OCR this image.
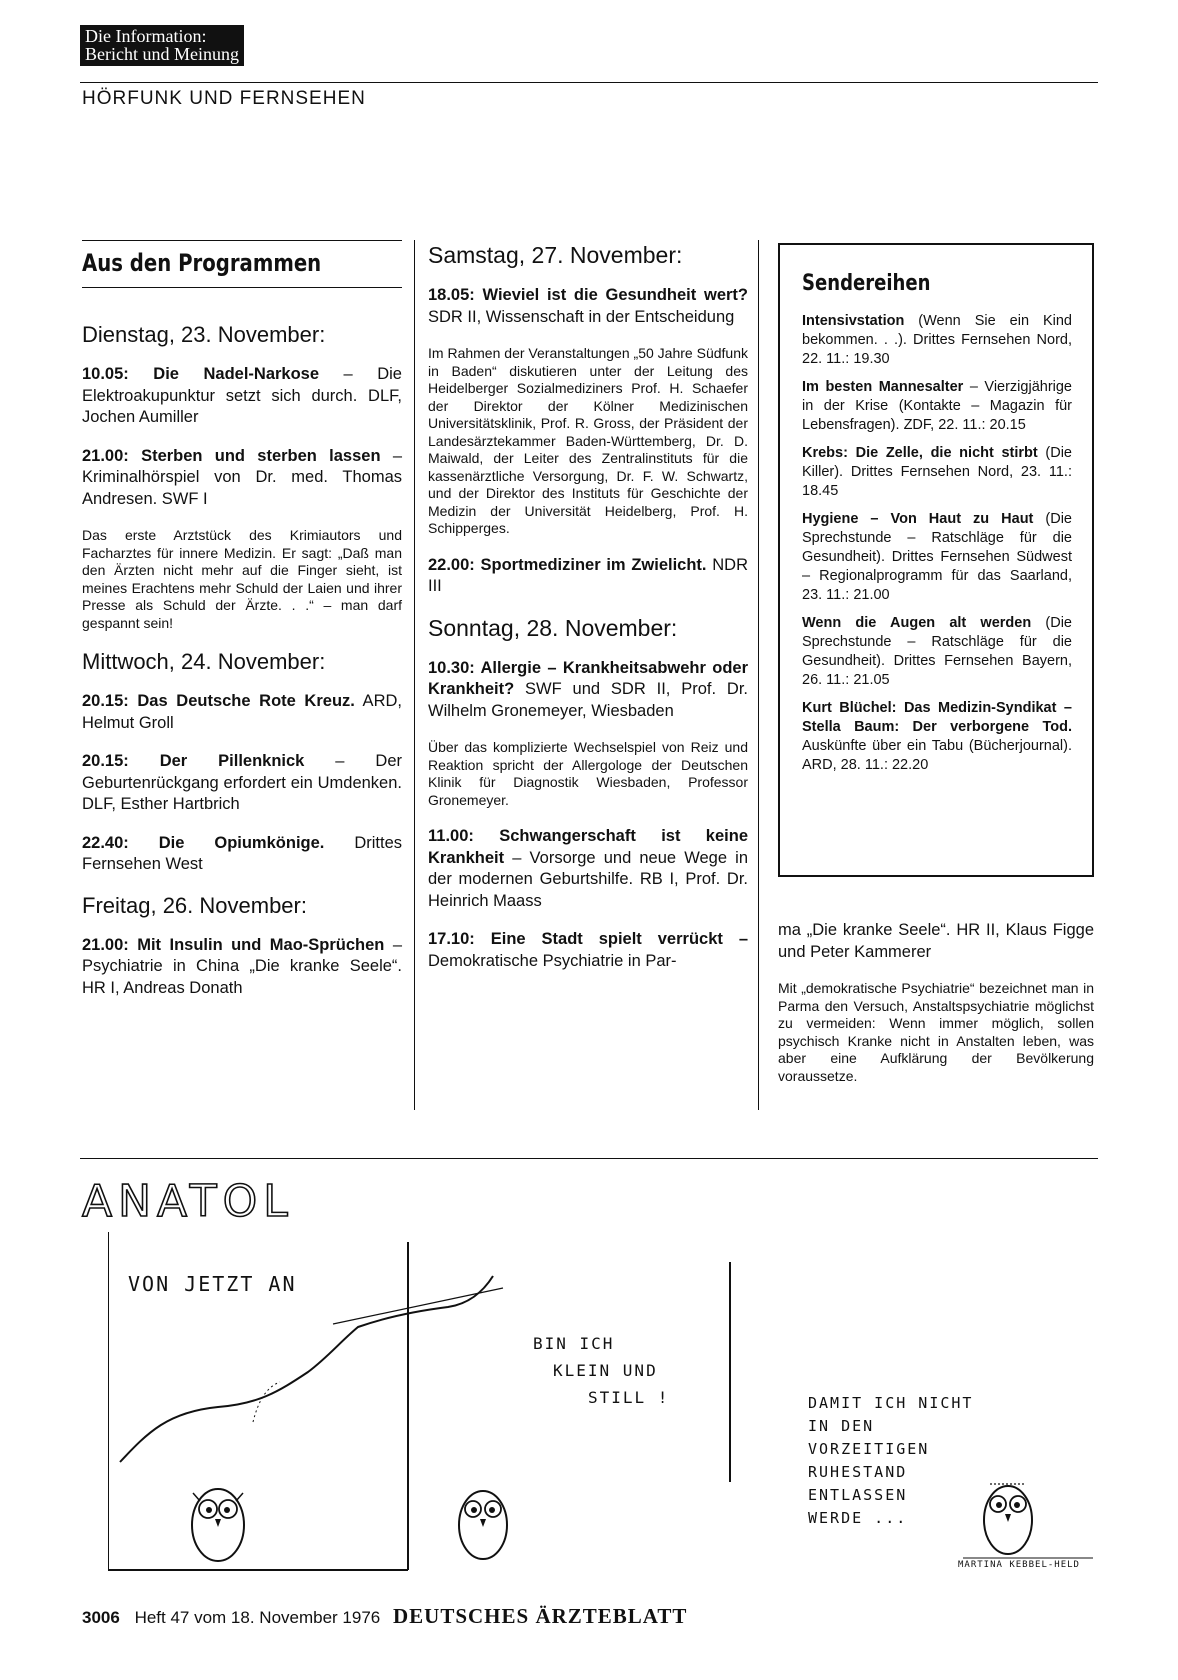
Die Information:
Bericht und Meinung
HÖRFUNK UND FERNSEHEN
Aus den Programmen
Dienstag, 23. November:
10.05: Die Nadel-Narkose – Die Elektroakupunktur setzt sich durch. DLF, Jochen Aumiller
21.00: Sterben und sterben lassen – Kriminalhörspiel von Dr. med. Thomas Andresen. SWF I
Das erste Arztstück des Krimiautors und Facharztes für innere Medizin. Er sagt: „Daß man den Ärzten nicht mehr auf die Finger sieht, ist meines Erachtens mehr Schuld der Laien und ihrer Presse als Schuld der Ärzte. . .“ – man darf gespannt sein!
Mittwoch, 24. November:
20.15: Das Deutsche Rote Kreuz. ARD, Helmut Groll
20.15: Der Pillenknick – Der Geburtenrückgang erfordert ein Umdenken. DLF, Esther Hartbrich
22.40: Die Opiumkönige. Drittes Fernsehen West
Freitag, 26. November:
21.00: Mit Insulin und Mao-Sprüchen – Psychiatrie in China „Die kranke Seele“. HR I, Andreas Donath
Samstag, 27. November:
18.05: Wieviel ist die Gesundheit wert? SDR II, Wissenschaft in der Entscheidung
Im Rahmen der Veranstaltungen „50 Jahre Südfunk in Baden“ diskutieren unter der Leitung des Heidelberger Sozialmediziners Prof. H. Schaefer der Direktor der Kölner Medizinischen Universitätsklinik, Prof. R. Gross, der Präsident der Landesärztekammer Baden-Württemberg, Dr. D. Maiwald, der Leiter des Zentralinstituts für die kassenärztliche Versorgung, Dr. F. W. Schwartz, und der Direktor des Instituts für Geschichte der Medizin der Universität Heidelberg, Prof. H. Schipperges.
22.00: Sportmediziner im Zwielicht. NDR III
Sonntag, 28. November:
10.30: Allergie – Krankheitsabwehr oder Krankheit? SWF und SDR II, Prof. Dr. Wilhelm Gronemeyer, Wiesbaden
Über das komplizierte Wechselspiel von Reiz und Reaktion spricht der Allergologe der Deutschen Klinik für Diagnostik Wiesbaden, Professor Gronemeyer.
11.00: Schwangerschaft ist keine Krankheit – Vorsorge und neue Wege in der modernen Geburtshilfe. RB I, Prof. Dr. Heinrich Maass
17.10: Eine Stadt spielt verrückt – Demokratische Psychiatrie in Par-
Sendereihen
Intensivstation (Wenn Sie ein Kind bekommen. . .). Drittes Fernsehen Nord, 22. 11.: 19.30
Im besten Mannesalter – Vierzigjährige in der Krise (Kontakte – Magazin für Lebensfragen). ZDF, 22. 11.: 20.15
Krebs: Die Zelle, die nicht stirbt (Die Killer). Drittes Fernsehen Nord, 23. 11.: 18.45
Hygiene – Von Haut zu Haut (Die Sprechstunde – Ratschläge für die Gesundheit). Drittes Fernsehen Südwest – Regionalprogramm für das Saarland, 23. 11.: 21.00
Wenn die Augen alt werden (Die Sprechstunde – Ratschläge für die Gesundheit). Drittes Fernsehen Bayern, 26. 11.: 21.05
Kurt Blüchel: Das Medizin-Syndikat – Stella Baum: Der verborgene Tod. Auskünfte über ein Tabu (Bücherjournal). ARD, 28. 11.: 22.20
ma „Die kranke Seele“. HR II, Klaus Figge und Peter Kammerer
Mit „demokratische Psychiatrie“ bezeichnet man in Parma den Versuch, Anstaltspsychiatrie möglichst zu vermeiden: Wenn immer möglich, sollen psychisch Kranke nicht in Anstalten leben, was aber eine Aufklärung der Bevölkerung voraussetze.
ANATOL
VON JETZT AN
BIN ICH
KLEIN UND
STILL !	DAMIT ICH NICHT
IN DEN
VORZEITIGEN
RUHESTAND
ENTLASSEN
WERDE ...
MARTINA KEBBEL-HELD
3006 Heft 47 vom 18. November 1976 DEUTSCHES ÄRZTEBLATT
